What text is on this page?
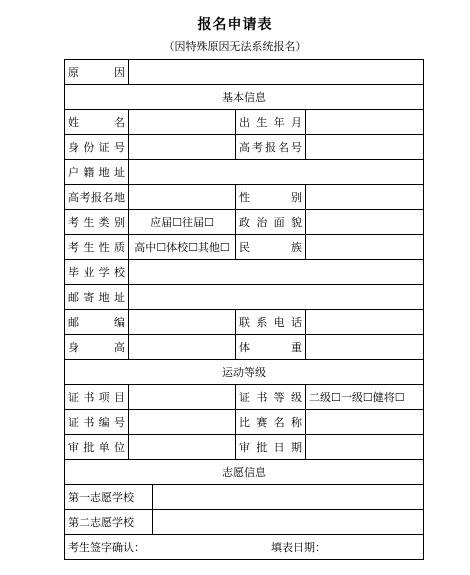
报名申请表
（因特殊原因无法系统报名）
原　　因				
基本信息				
姓　　名			出生年月	
身份证号			高考报名号	
户籍地址				
高考报名地			性　　别	
考生类别	应届☐往届☐		政治面貌	
考生性质	高中☐体校☐其他☐		民　　族	
毕业学校				
邮寄地址				
邮　　编			联系电话	
身　　高			体　　重	
运动等级				
证书项目			证书等级	二级☐一级☐健将☐
证书编号			比赛名称	
审批单位			审批日期	
志愿信息				
第一志愿学校				
第二志愿学校				
考生签字确认： 填表日期：				
